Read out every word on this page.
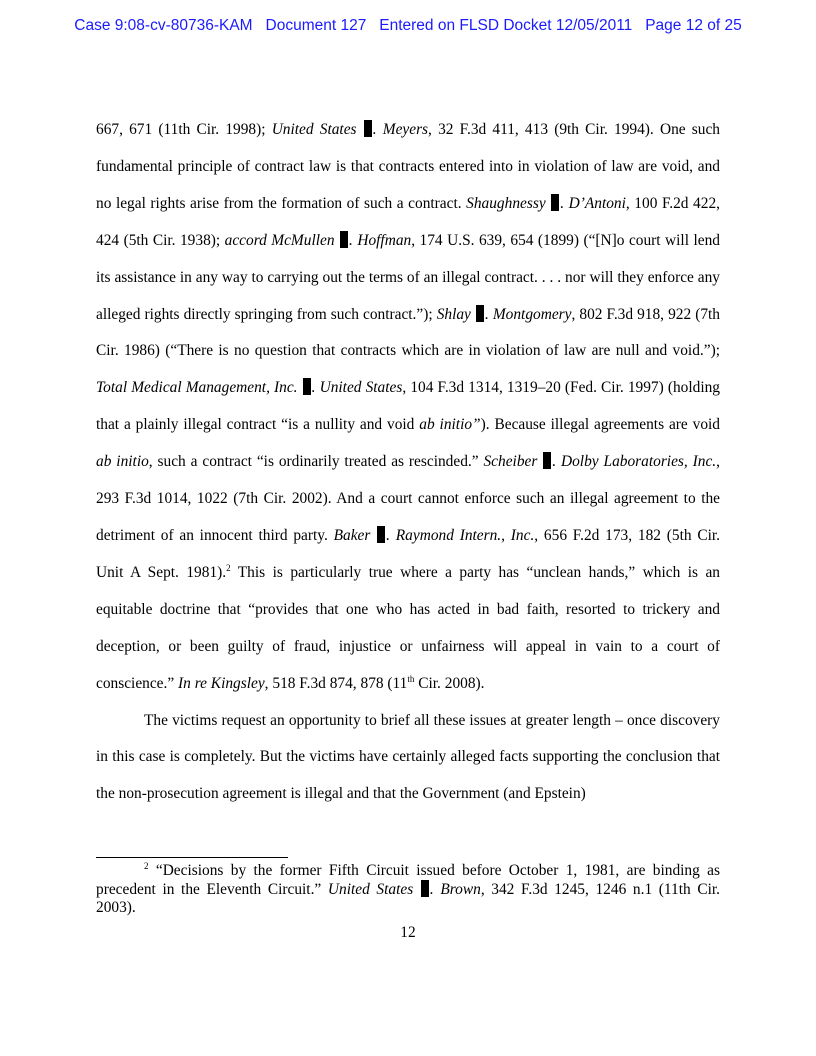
Case 9:08-cv-80736-KAM Document 127 Entered on FLSD Docket 12/05/2011 Page 12 of 25

667, 671 (11th Cir. 1998); United States . Meyers, 32 F.3d 411, 413 (9th Cir. 1994). One such fundamental principle of contract law is that contracts entered into in violation of law are void, and no legal rights arise from the formation of such a contract. Shaughnessy . D’Antoni, 100 F.2d 422, 424 (5th Cir. 1938); accord McMullen . Hoffman, 174 U.S. 639, 654 (1899) (“[N]o court will lend its assistance in any way to carrying out the terms of an illegal contract. . . . nor will they enforce any alleged rights directly springing from such contract.”); Shlay . Montgomery, 802 F.3d 918, 922 (7th Cir. 1986) (“There is no question that contracts which are in violation of law are null and void.”); Total Medical Management, Inc. . United States, 104 F.3d 1314, 1319–20 (Fed. Cir. 1997) (holding that a plainly illegal contract “is a nullity and void ab initio”). Because illegal agreements are void ab initio, such a contract “is ordinarily treated as rescinded.” Scheiber . Dolby Laboratories, Inc., 293 F.3d 1014, 1022 (7th Cir. 2002). And a court cannot enforce such an illegal agreement to the detriment of an innocent third party. Baker . Raymond Intern., Inc., 656 F.2d 173, 182 (5th Cir. Unit A Sept. 1981).$^2$ This is particularly true where a party has “unclean hands,” which is an equitable doctrine that “provides that one who has acted in bad faith, resorted to trickery and deception, or been guilty of fraud, injustice or unfairness will appeal in vain to a court of conscience.” In re Kingsley, 518 F.3d 874, 878 (11th Cir. 2008).

The victims request an opportunity to brief all these issues at greater length – once discovery in this case is completely. But the victims have certainly alleged facts supporting the conclusion that the non-prosecution agreement is illegal and that the Government (and Epstein)

$^2$ “Decisions by the former Fifth Circuit issued before October 1, 1981, are binding as precedent in the Eleventh Circuit.” United States . Brown, 342 F.3d 1245, 1246 n.1 (11th Cir. 2003).

12
